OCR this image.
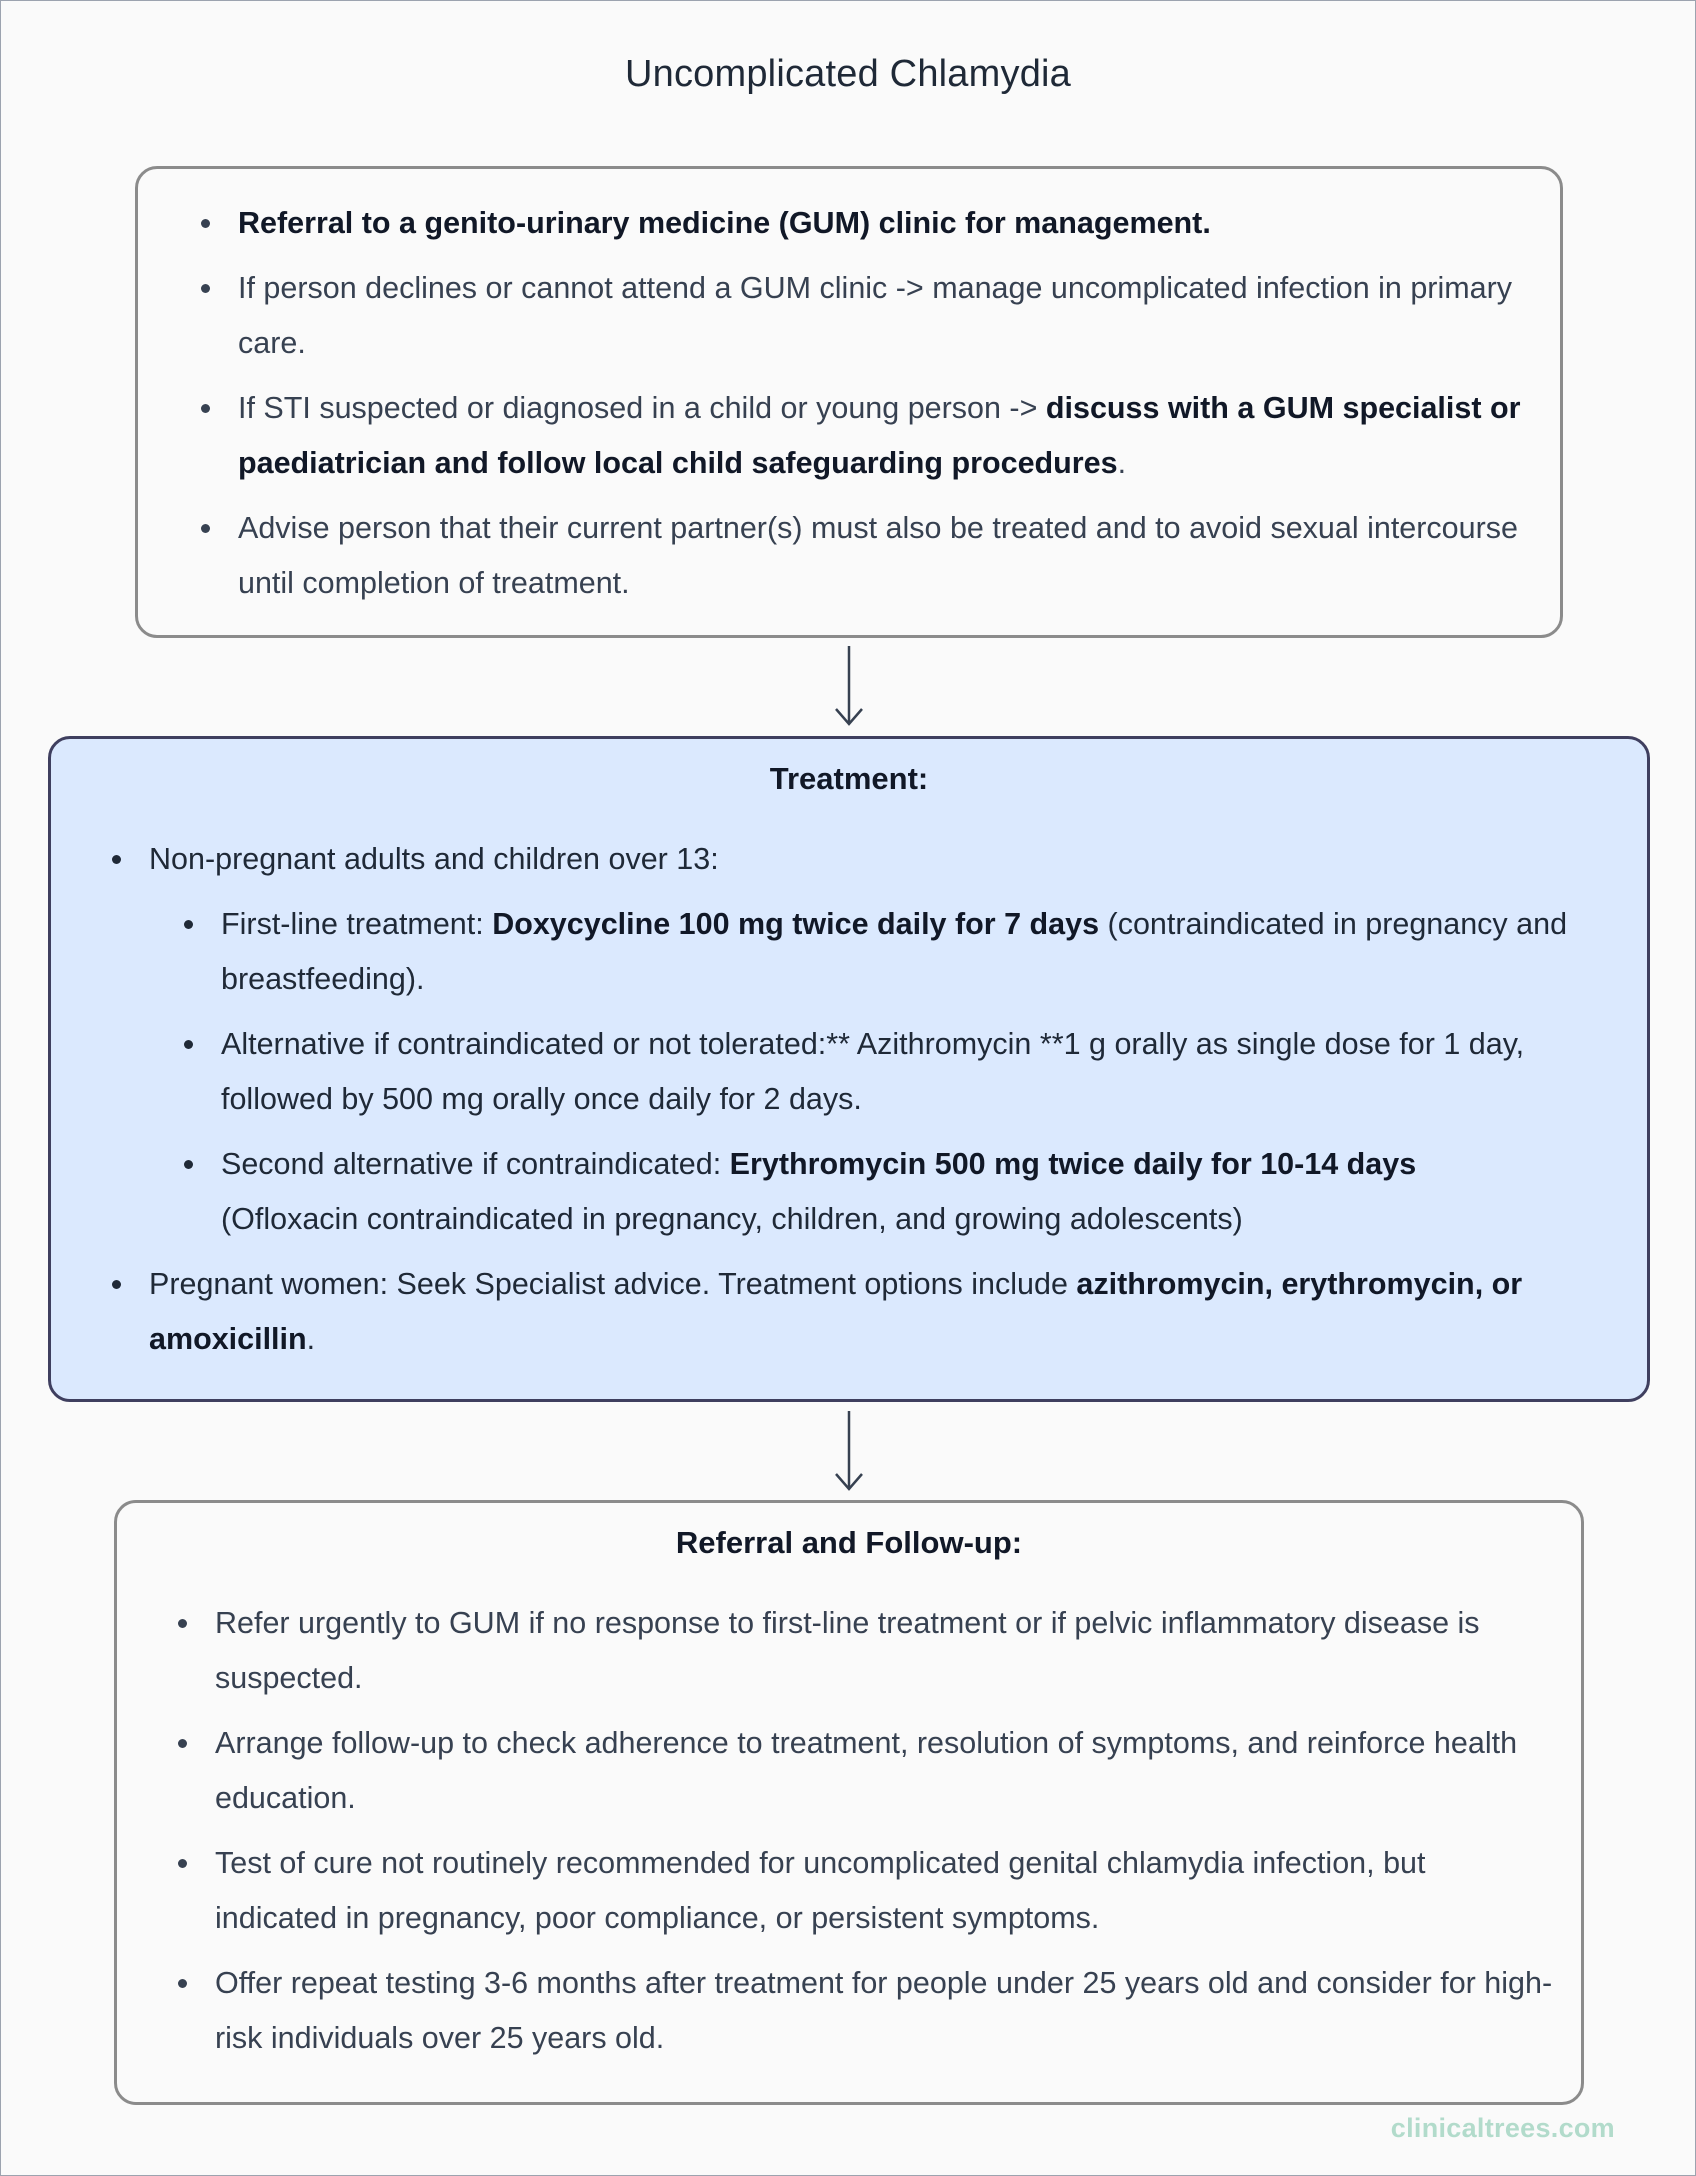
Uncomplicated Chlamydia
Referral to a genito-urinary medicine (GUM) clinic for management.
If person declines or cannot attend a GUM clinic -> manage uncomplicated infection in primary care.
If STI suspected or diagnosed in a child or young person -> discuss with a GUM specialist or paediatrician and follow local child safeguarding procedures.
Advise person that their current partner(s) must also be treated and to avoid sexual intercourse until completion of treatment.
Treatment:
Non-pregnant adults and children over 13:
First-line treatment: Doxycycline 100 mg twice daily for 7 days (contraindicated in pregnancy and breastfeeding).
Alternative if contraindicated or not tolerated:** Azithromycin **1 g orally as single dose for 1 day, followed by 500 mg orally once daily for 2 days.
Second alternative if contraindicated: Erythromycin 500 mg twice daily for 10-14 days
(Ofloxacin contraindicated in pregnancy, children, and growing adolescents)
Pregnant women: Seek Specialist advice. Treatment options include azithromycin, erythromycin, or amoxicillin.
Referral and Follow-up:
Refer urgently to GUM if no response to first-line treatment or if pelvic inflammatory disease is suspected.
Arrange follow-up to check adherence to treatment, resolution of symptoms, and reinforce health education.
Test of cure not routinely recommended for uncomplicated genital chlamydia infection, but indicated in pregnancy, poor compliance, or persistent symptoms.
Offer repeat testing 3-6 months after treatment for people under 25 years old and consider for high-risk individuals over 25 years old.
clinicaltrees.com
